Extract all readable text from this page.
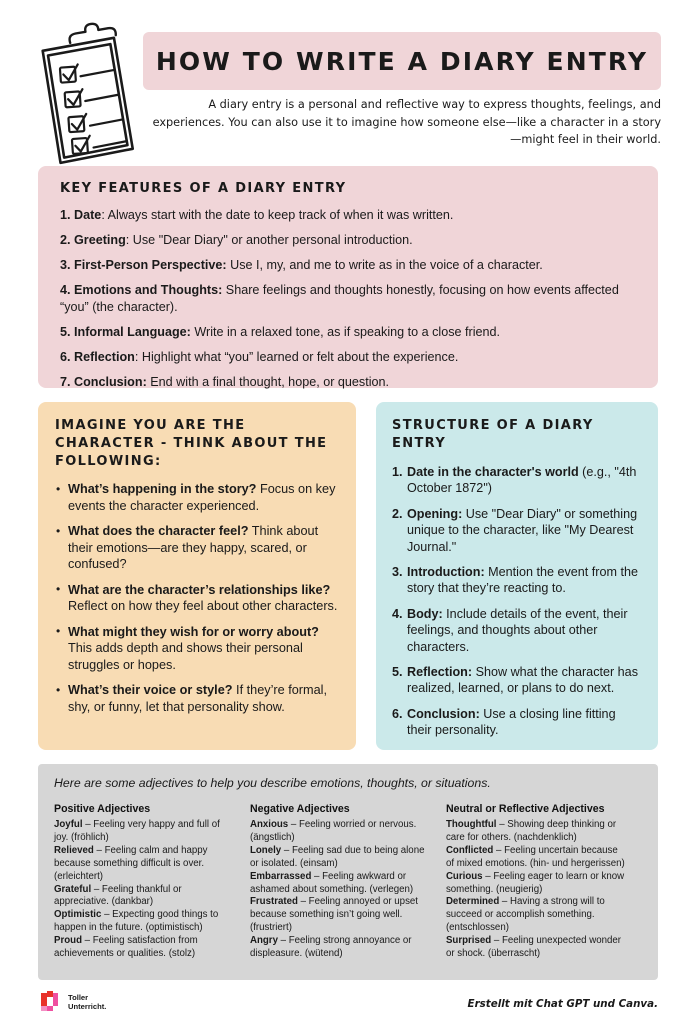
HOW TO WRITE A DIARY ENTRY

A diary entry is a personal and reflective way to express thoughts, feelings, and experiences. You can also use it to imagine how someone else—like a character in a story—might feel in their world.

KEY FEATURES OF A DIARY ENTRY
1. Date: Always start with the date to keep track of when it was written.
2. Greeting: Use "Dear Diary" or another personal introduction.
3. First-Person Perspective: Use I, my, and me to write as in the voice of a character.
4. Emotions and Thoughts: Share feelings and thoughts honestly, focusing on how events affected “you” (the character).
5. Informal Language: Write in a relaxed tone, as if speaking to a close friend.
6. Reflection: Highlight what “you” learned or felt about the experience.
7. Conclusion: End with a final thought, hope, or question.
IMAGINE YOU ARE THE CHARACTER - THINK ABOUT THE FOLLOWING:
• What’s happening in the story? Focus on key events the character experienced.
• What does the character feel? Think about their emotions—are they happy, scared, or confused?
• What are the character’s relationships like? Reflect on how they feel about other characters.
• What might they wish for or worry about? This adds depth and shows their personal struggles or hopes.
• What’s their voice or style? If they’re formal, shy, or funny, let that personality show.
STRUCTURE OF A DIARY ENTRY
1. Date in the character's world (e.g., "4th October 1872")
2. Opening: Use "Dear Diary" or something unique to the character, like "My Dearest Journal."
3. Introduction: Mention the event from the story that they’re reacting to.
4. Body: Include details of the event, their feelings, and thoughts about other characters.
5. Reflection: Show what the character has realized, learned, or plans to do next.
6. Conclusion: Use a closing line fitting their personality.
Here are some adjectives to help you describe emotions, thoughts, or situations.
Positive Adjectives
Joyful – Feeling very happy and full of joy. (fröhlich)
Relieved – Feeling calm and happy because something difficult is over. (erleichtert)
Grateful – Feeling thankful or appreciative. (dankbar)
Optimistic – Expecting good things to happen in the future. (optimistisch)
Proud – Feeling satisfaction from achievements or qualities. (stolz)
Negative Adjectives
Anxious – Feeling worried or nervous. (ängstlich)
Lonely – Feeling sad due to being alone or isolated. (einsam)
Embarrassed – Feeling awkward or ashamed about something. (verlegen)
Frustrated – Feeling annoyed or upset because something isn’t going well. (frustriert)
Angry – Feeling strong annoyance or displeasure. (wütend)
Neutral or Reflective Adjectives
Thoughtful – Showing deep thinking or care for others. (nachdenklich)
Conflicted – Feeling uncertain because of mixed emotions. (hin- und hergerissen)
Curious – Feeling eager to learn or know something. (neugierig)
Determined – Having a strong will to succeed or accomplish something. (entschlossen)
Surprised – Feeling unexpected wonder or shock. (überrascht)
Toller
Unterricht.	Erstellt mit Chat GPT und Canva.
